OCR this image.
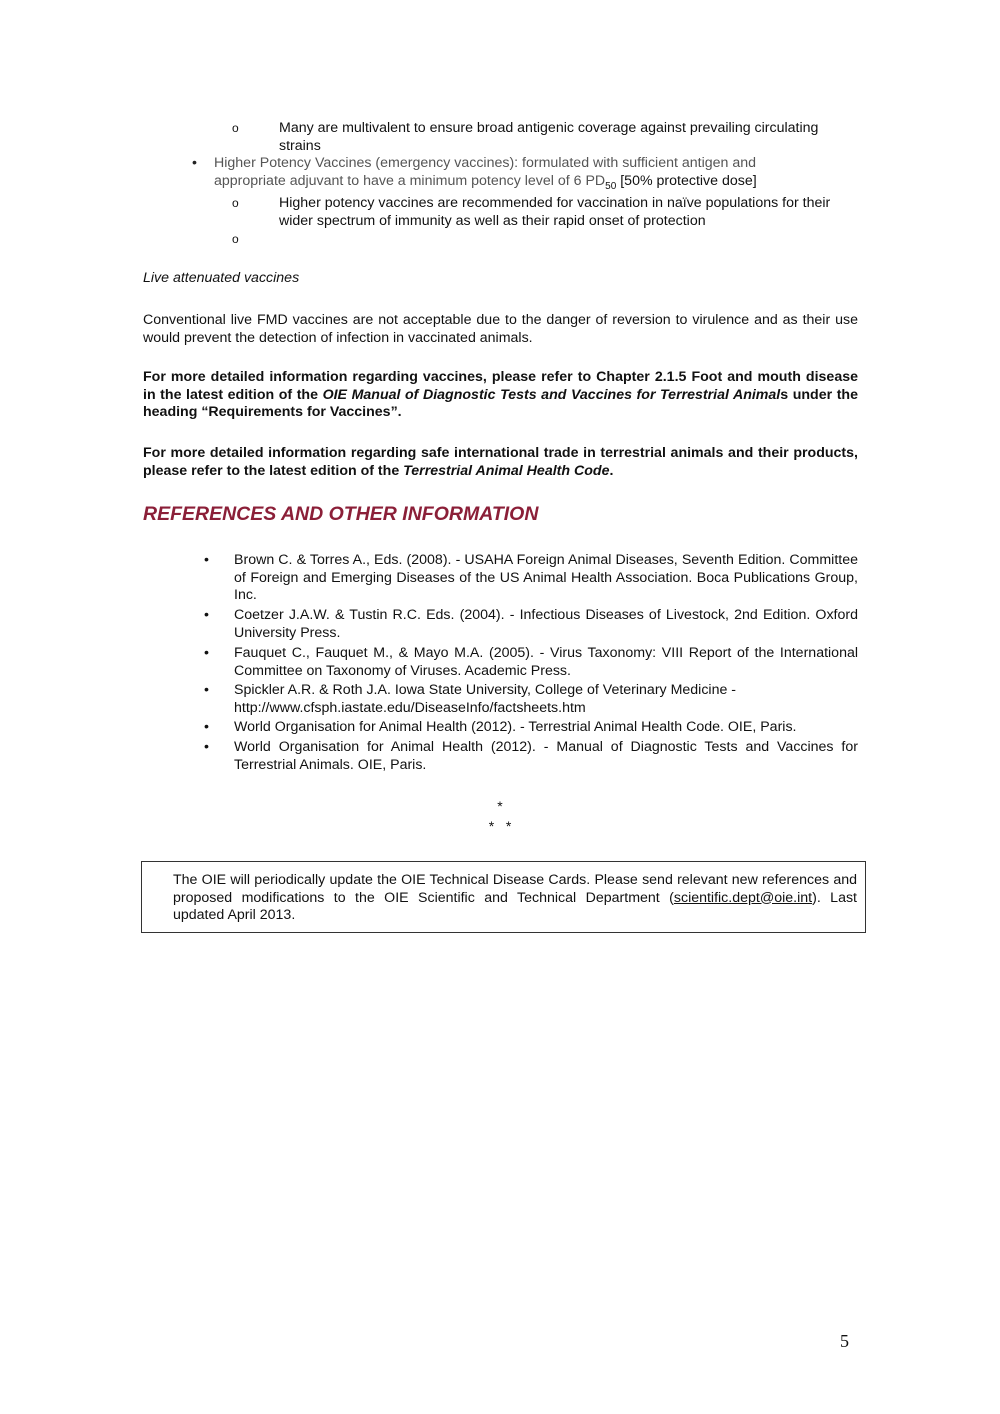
o	Many are multivalent to ensure broad antigenic coverage against prevailing circulating strains
• Higher Potency Vaccines (emergency vaccines): formulated with sufficient antigen and appropriate adjuvant to have a minimum potency level of 6 $PD_{50}$ [50% protective dose]
o	Higher potency vaccines are recommended for vaccination in naïve populations for their wider spectrum of immunity as well as their rapid onset of protection
o
Live attenuated vaccines
Conventional live FMD vaccines are not acceptable due to the danger of reversion to virulence and as their use would prevent the detection of infection in vaccinated animals.
For more detailed information regarding vaccines, please refer to Chapter 2.1.5 Foot and mouth disease in the latest edition of the OIE Manual of Diagnostic Tests and Vaccines for Terrestrial Animals under the heading “Requirements for Vaccines”.
For more detailed information regarding safe international trade in terrestrial animals and their products, please refer to the latest edition of the Terrestrial Animal Health Code.
REFERENCES AND OTHER INFORMATION
• Brown C. & Torres A., Eds. (2008). - USAHA Foreign Animal Diseases, Seventh Edition. Committee of Foreign and Emerging Diseases of the US Animal Health Association. Boca Publications Group, Inc.
• Coetzer J.A.W. & Tustin R.C. Eds. (2004). - Infectious Diseases of Livestock, 2nd Edition. Oxford University Press.
• Fauquet C., Fauquet M., & Mayo M.A. (2005). - Virus Taxonomy: VIII Report of the International Committee on Taxonomy of Viruses. Academic Press.
• Spickler A.R. & Roth J.A. Iowa State University, College of Veterinary Medicine - http://www.cfsph.iastate.edu/DiseaseInfo/factsheets.htm
• World Organisation for Animal Health (2012). - Terrestrial Animal Health Code. OIE, Paris.
• World Organisation for Animal Health (2012). - Manual of Diagnostic Tests and Vaccines for Terrestrial Animals. OIE, Paris.
*
*   *
The OIE will periodically update the OIE Technical Disease Cards. Please send relevant new references and proposed modifications to the OIE Scientific and Technical Department (scientific.dept@oie.int). Last updated April 2013.
5
